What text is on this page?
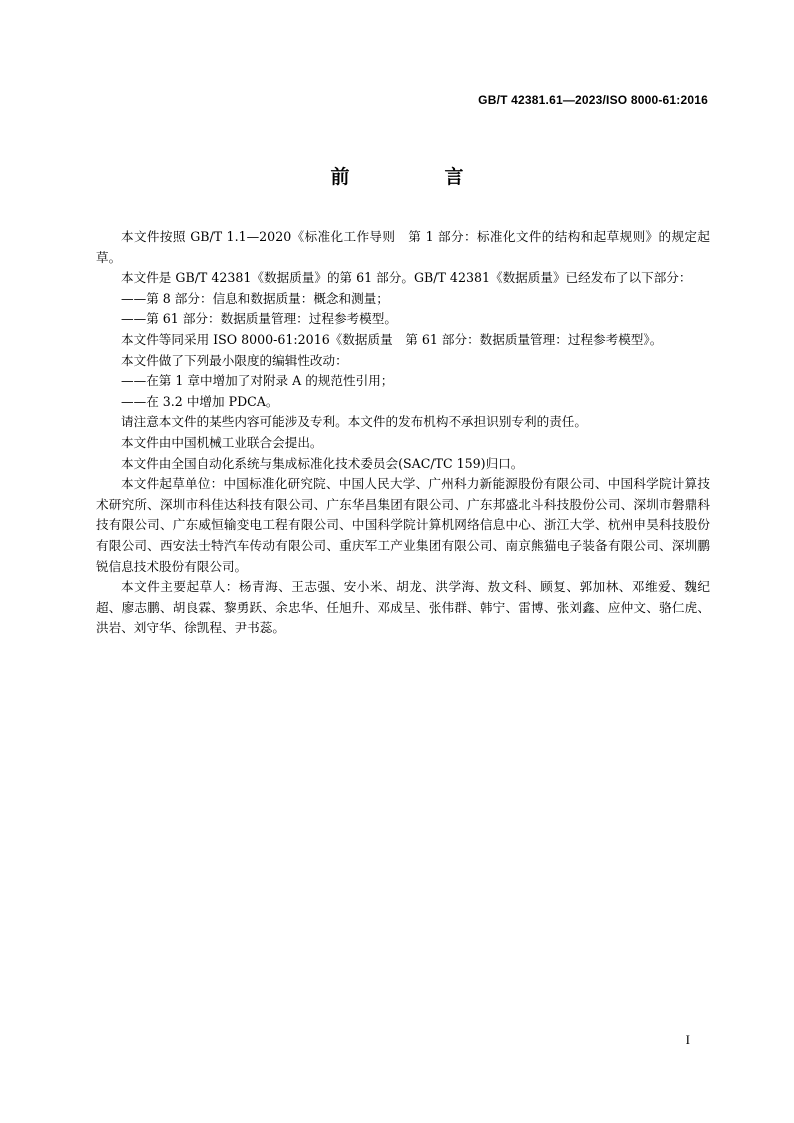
GB/T 42381.61—2023/ISO 8000-61:2016
前　言

本文件按照 GB/T 1.1—2020《标准化工作导则　第 1 部分：标准化文件的结构和起草规则》的规定起草。

本文件是 GB/T 42381《数据质量》的第 61 部分。GB/T 42381《数据质量》已经发布了以下部分：

——第 8 部分：信息和数据质量：概念和测量；

——第 61 部分：数据质量管理：过程参考模型。

本文件等同采用 ISO 8000-61:2016《数据质量　第 61 部分：数据质量管理：过程参考模型》。

本文件做了下列最小限度的编辑性改动：

——在第 1 章中增加了对附录 A 的规范性引用；

——在 3.2 中增加 PDCA。

请注意本文件的某些内容可能涉及专利。本文件的发布机构不承担识别专利的责任。

本文件由中国机械工业联合会提出。

本文件由全国自动化系统与集成标准化技术委员会(SAC/TC 159)归口。

本文件起草单位：中国标准化研究院、中国人民大学、广州科力新能源股份有限公司、中国科学院计算技术研究所、深圳市科佳达科技有限公司、广东华昌集团有限公司、广东邦盛北斗科技股份公司、深圳市磐鼎科技有限公司、广东威恒输变电工程有限公司、中国科学院计算机网络信息中心、浙江大学、杭州申昊科技股份有限公司、西安法士特汽车传动有限公司、重庆军工产业集团有限公司、南京熊猫电子装备有限公司、深圳鹏锐信息技术股份有限公司。

本文件主要起草人：杨青海、王志强、安小米、胡龙、洪学海、敖文科、顾复、郭加林、邓维爱、魏纪超、廖志鹏、胡良霖、黎勇跃、余忠华、任旭升、邓成呈、张伟群、韩宁、雷博、张刘鑫、应仲文、骆仁虎、洪岩、刘守华、徐凯程、尹书蕊。

I
